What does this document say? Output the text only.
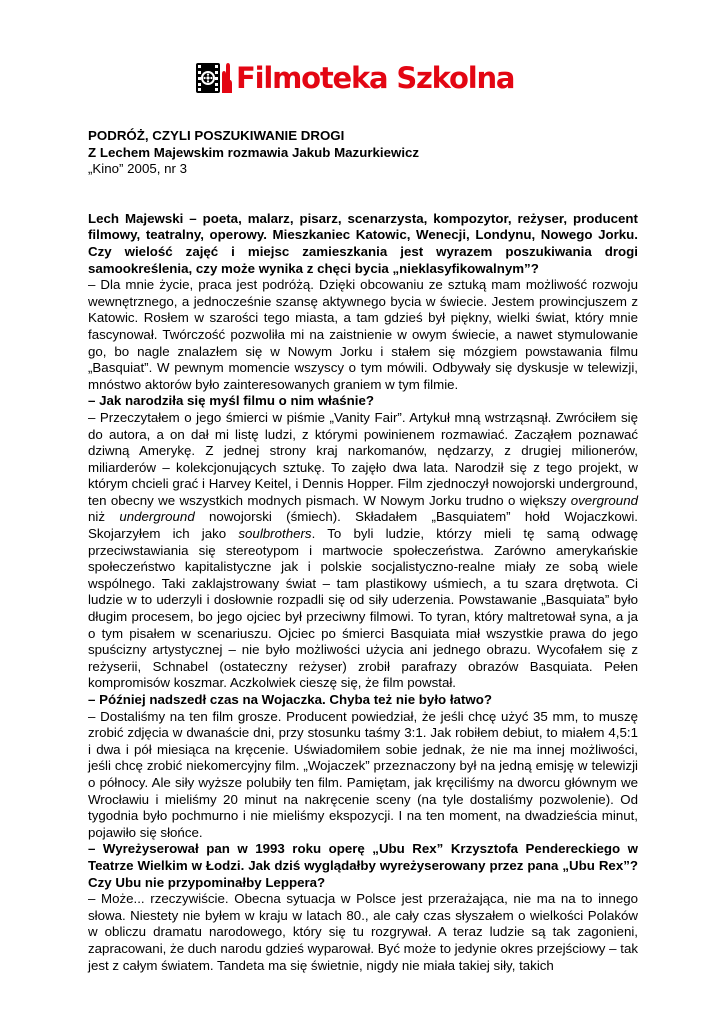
Filmoteka Szkolna

PODRÓŻ, CZYLI POSZUKIWANIE DROGI

Z Lechem Majewskim rozmawia Jakub Mazurkiewicz

„Kino” 2005, nr 3

Lech Majewski – poeta, malarz, pisarz, scenarzysta, kompozytor, reżyser, producent filmowy, teatralny, operowy. Mieszkaniec Katowic, Wenecji, Londynu, Nowego Jorku. Czy wielość zajęć i miejsc zamieszkania jest wyrazem poszukiwania drogi samookreślenia, czy może wynika z chęci bycia „nieklasyfikowalnym”?

– Dla mnie życie, praca jest podróżą. Dzięki obcowaniu ze sztuką mam możliwość rozwoju wewnętrznego, a jednocześnie szansę aktywnego bycia w świecie. Jestem prowincjuszem z Katowic. Rosłem w szarości tego miasta, a tam gdzieś był piękny, wielki świat, który mnie fascynował. Twórczość pozwoliła mi na zaistnienie w owym świecie, a nawet stymulowanie go, bo nagle znalazłem się w Nowym Jorku i stałem się mózgiem powstawania filmu „Basquiat”. W pewnym momencie wszyscy o tym mówili. Odbywały się dyskusje w telewizji, mnóstwo aktorów było zainteresowanych graniem w tym filmie.

– Jak narodziła się myśl filmu o nim właśnie?

– Przeczytałem o jego śmierci w piśmie „Vanity Fair”. Artykuł mną wstrząsnął. Zwróciłem się do autora, a on dał mi listę ludzi, z którymi powinienem rozmawiać. Zacząłem poznawać dziwną Amerykę. Z jednej strony kraj narkomanów, nędzarzy, z drugiej milionerów, miliarderów – kolekcjonujących sztukę. To zajęło dwa lata. Narodził się z tego projekt, w którym chcieli grać i Harvey Keitel, i Dennis Hopper. Film zjednoczył nowojorski underground, ten obecny we wszystkich modnych pismach. W Nowym Jorku trudno o większy overground niż underground nowojorski (śmiech). Składałem „Basquiatem” hołd Wojaczkowi. Skojarzyłem ich jako soulbrothers. To byli ludzie, którzy mieli tę samą odwagę przeciwstawiania się stereotypom i martwocie społeczeństwa. Zarówno amerykańskie społeczeństwo kapitalistyczne jak i polskie socjalistyczno-realne miały ze sobą wiele wspólnego. Taki zaklajstrowany świat – tam plastikowy uśmiech, a tu szara drętwota. Ci ludzie w to uderzyli i dosłownie rozpadli się od siły uderzenia. Powstawanie „Basquiata” było długim procesem, bo jego ojciec był przeciwny filmowi. To tyran, który maltretował syna, a ja o tym pisałem w scenariuszu. Ojciec po śmierci Basquiata miał wszystkie prawa do jego spuścizny artystycznej – nie było możliwości użycia ani jednego obrazu. Wycofałem się z reżyserii, Schnabel (ostateczny reżyser) zrobił parafrazy obrazów Basquiata. Pełen kompromisów koszmar. Aczkolwiek cieszę się, że film powstał.

– Później nadszedł czas na Wojaczka. Chyba też nie było łatwo?

– Dostaliśmy na ten film grosze. Producent powiedział, że jeśli chcę użyć 35 mm, to muszę zrobić zdjęcia w dwanaście dni, przy stosunku taśmy 3:1. Jak robiłem debiut, to miałem 4,5:1 i dwa i pół miesiąca na kręcenie. Uświadomiłem sobie jednak, że nie ma innej możliwości, jeśli chcę zrobić niekomercyjny film. „Wojaczek” przeznaczony był na jedną emisję w telewizji o północy. Ale siły wyższe polubiły ten film. Pamiętam, jak kręciliśmy na dworcu głównym we Wrocławiu i mieliśmy 20 minut na nakręcenie sceny (na tyle dostaliśmy pozwolenie). Od tygodnia było pochmurno i nie mieliśmy ekspozycji. I na ten moment, na dwadzieścia minut, pojawiło się słońce.

– Wyreżyserował pan w 1993 roku operę „Ubu Rex” Krzysztofa Pendereckiego w Teatrze Wielkim w Łodzi. Jak dziś wyglądałby wyreżyserowany przez pana „Ubu Rex”? Czy Ubu nie przypominałby Leppera?

– Może... rzeczywiście. Obecna sytuacja w Polsce jest przerażająca, nie ma na to innego słowa. Niestety nie byłem w kraju w latach 80., ale cały czas słyszałem o wielkości Polaków w obliczu dramatu narodowego, który się tu rozgrywał. A teraz ludzie są tak zagonieni, zapracowani, że duch narodu gdzieś wyparował. Być może to jedynie okres przejściowy – tak jest z całym światem. Tandeta ma się świetnie, nigdy nie miała takiej siły, takich
